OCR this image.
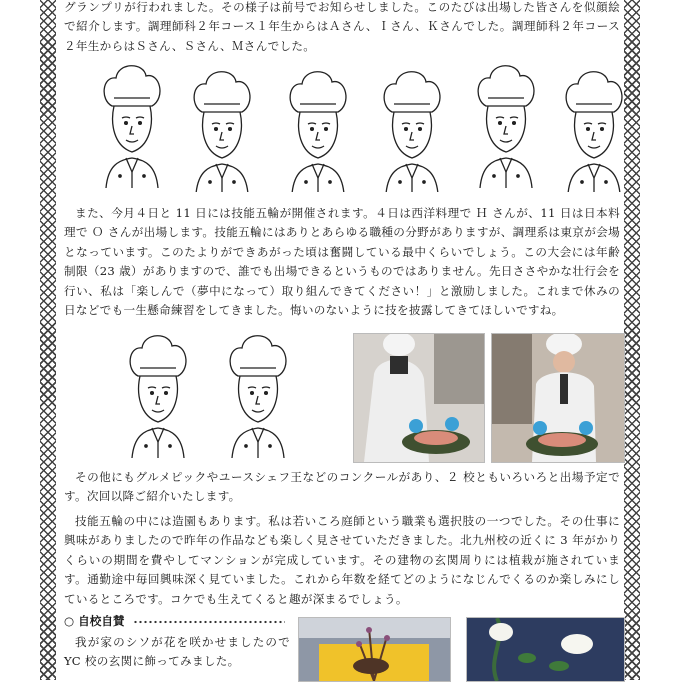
グランプリが行われました。その様子は前号でお知らせしました。このたびは出場した皆さんを似顔絵で紹介します。調理師科２年コース１年生からはＡさん、Ｉさん、Ｋさんでした。調理師科２年コース２年生からはＳさん、Ｓさん、Ｍさんでした。

また、今月４日と 11 日には技能五輪が開催されます。４日は西洋料理で Ｈ さんが、11 日は日本料理で Ｏ さんが出場します。技能五輪にはありとあらゆる職種の分野がありますが、調理系は東京が会場となっています。このたよりができあがった頃は奮闘している最中くらいでしょう。この大会には年齢制限（23 歳）がありますので、誰でも出場できるというものではありません。先日ささやかな壮行会を行い、私は「楽しんで（夢中になって）取り組んできてください！」と激励しました。これまで休みの日などでも一生懸命練習をしてきました。悔いのないように技を披露してきてほしいですね。

その他にもグルメピックやユースシェフ王などのコンクールがあり、２ 校ともいろいろと出場予定です。次回以降ご紹介いたします。

技能五輪の中には造園もあります。私は若いころ庭師という職業も選択肢の一つでした。その仕事に興味がありましたので昨年の作品なども楽しく見させていただきました。北九州校の近くに 3 年がかりくらいの期間を費やしてマンションが完成しています。その建物の玄関周りには植栽が施されています。通勤途中毎回興味深く見ていました。これから年数を経てどのようになじんでくるのか楽しみにしているところです。コケでも生えてくると趣が深まるでしょう。

○ 自校自賛

我が家のシソが花を咲かせましたので YC 校の玄関に飾ってみました。
